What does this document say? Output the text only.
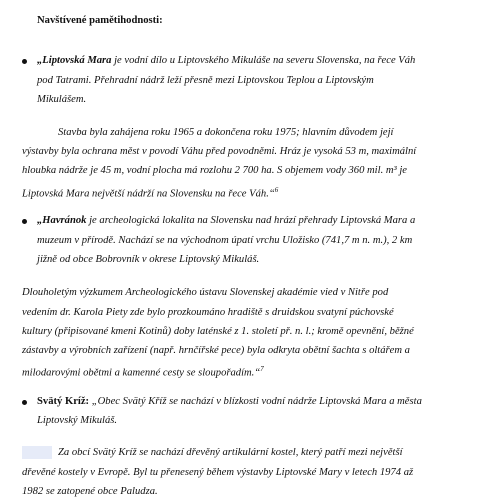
Navštívené pamětihodnosti:
„Liptovská Mara je vodní dílo u Liptovského Mikuláše na severu Slovenska, na řece Váh
pod Tatrami. Přehradní nádrž leží přesně mezi Liptovskou Teplou a Liptovským
Mikulášem.
Stavba byla zahájena roku 1965 a dokončena roku 1975; hlavním důvodem její
výstavby byla ochrana měst v povodí Váhu před povodněmi. Hráz je vysoká 53 m, maximální
hloubka nádrže je 45 m, vodní plocha má rozlohu 2 700 ha. S objemem vody 360 mil. m³ je
Liptovská Mara největší nádrží na Slovensku na řece Váh.“$^6$
„Havránok je archeologická lokalita na Slovensku nad hrází přehrady Liptovská Mara a
muzeum v přírodě. Nachází se na východnom úpatí vrchu Uložisko (741,7 m n. m.), 2 km
jižně od obce Bobrovník v okrese Liptovský Mikuláš.
Dlouholetým výzkumem Archeologického ústavu Slovenskej akadémie vied v Nitře pod
vedením dr. Karola Piety zde bylo prozkoumáno hradiště s druidskou svatyní púchovské
kultury (připisované kmeni Kotinů) doby laténské z 1. století př. n. l.; kromě opevnění, běžné
zástavby a výrobních zařízení (např. hrnčířské pece) byla odkryta obětní šachta s oltářem a
milodarovými obětmi a kamenné cesty se sloupořadím.“$^7$
Svätý Kríž: „Obec Svätý Kříž se nachází v blízkosti vodní nádrže Liptovská Mara a města
Liptovský Mikuláš.
Za obcí Svätý Kríž se nachází dřevěný artikulární kostel, který patří mezi největší
dřevěné kostely v Evropě. Byl tu přenesený během výstavby Liptovské Mary v letech 1974 až
1982 se zatopené obce Paludza.
